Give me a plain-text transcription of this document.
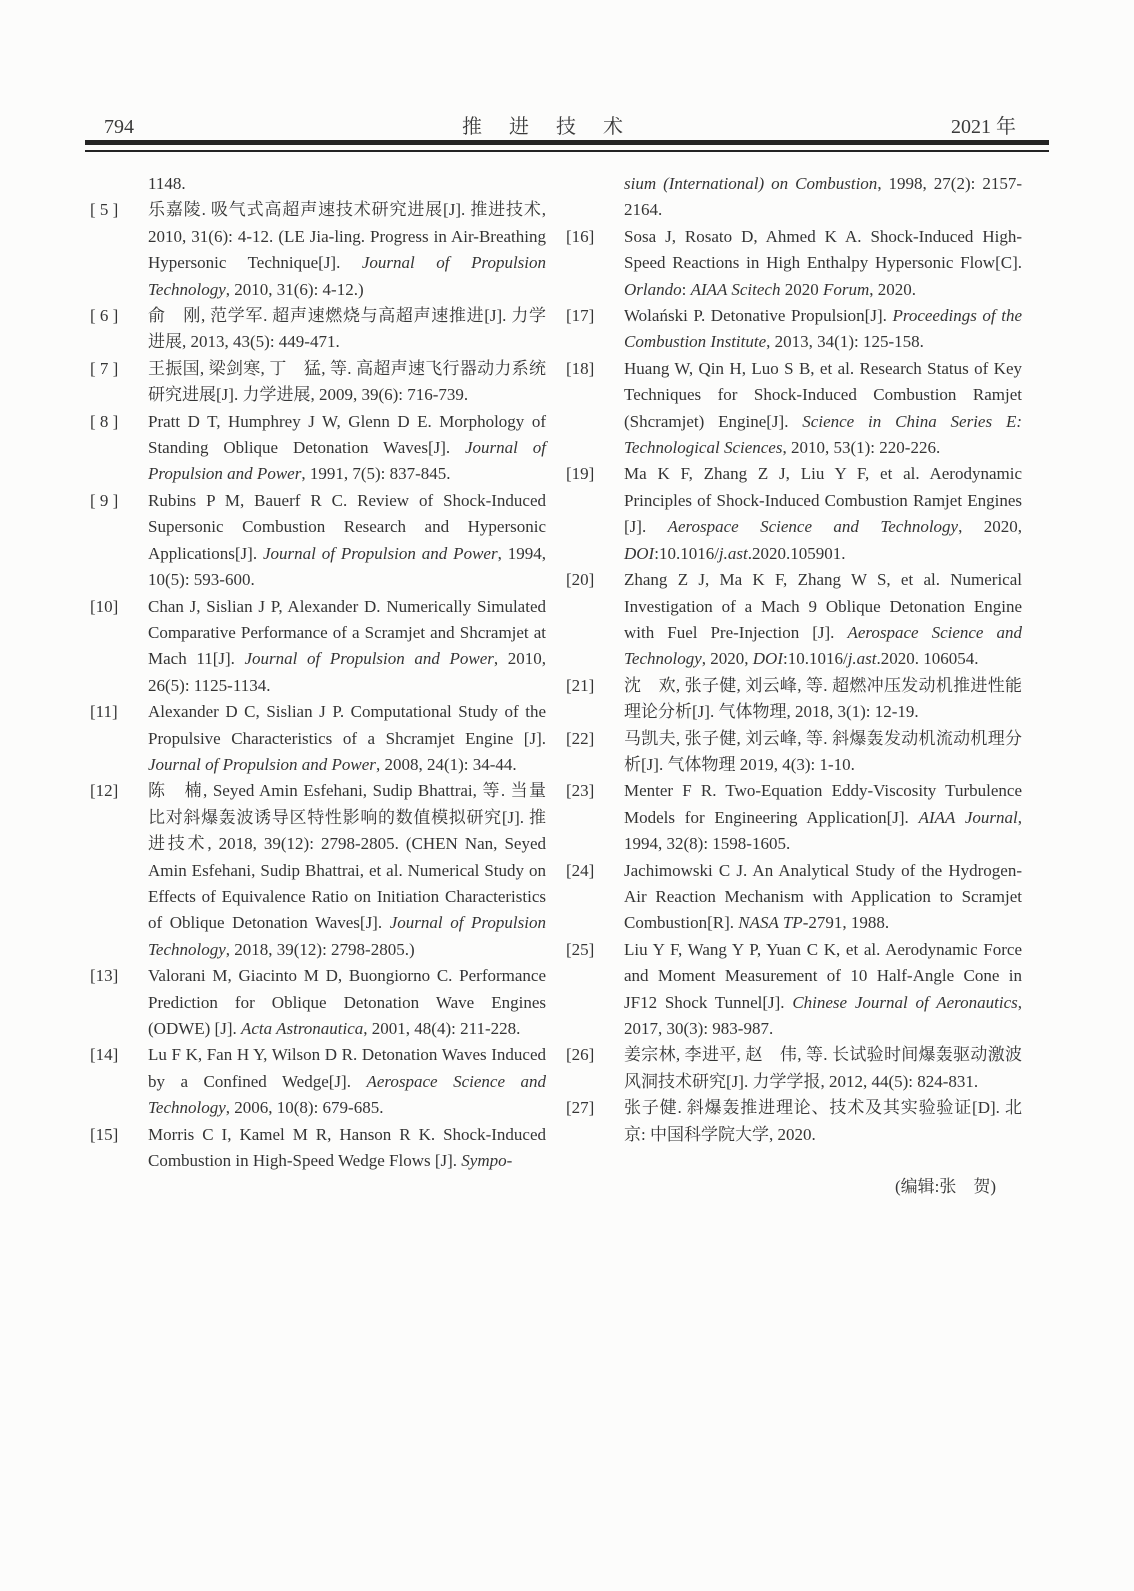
794	推 进 技 术	2021 年
1148.
[ 5 ] 乐嘉陵. 吸气式高超声速技术研究进展[J]. 推进技术, 2010, 31(6): 4-12. (LE Jia-ling. Progress in Air-Breathing Hypersonic Technique[J]. Journal of Propulsion Technology, 2010, 31(6): 4-12.)
[ 6 ] 俞　刚, 范学军. 超声速燃烧与高超声速推进[J]. 力学进展, 2013, 43(5): 449-471.
[ 7 ] 王振国, 梁剑寒, 丁　猛, 等. 高超声速飞行器动力系统研究进展[J]. 力学进展, 2009, 39(6): 716-739.
[ 8 ] Pratt D T, Humphrey J W, Glenn D E. Morphology of Standing Oblique Detonation Waves[J]. Journal of Propulsion and Power, 1991, 7(5): 837-845.
[ 9 ] Rubins P M, Bauerf R C. Review of Shock-Induced Supersonic Combustion Research and Hypersonic Applications[J]. Journal of Propulsion and Power, 1994, 10(5): 593-600.
[10] Chan J, Sislian J P, Alexander D. Numerically Simulated Comparative Performance of a Scramjet and Shcramjet at Mach 11[J]. Journal of Propulsion and Power, 2010, 26(5): 1125-1134.
[11] Alexander D C, Sislian J P. Computational Study of the Propulsive Characteristics of a Shcramjet Engine [J]. Journal of Propulsion and Power, 2008, 24(1): 34-44.
[12] 陈　楠, Seyed Amin Esfehani, Sudip Bhattrai, 等. 当量比对斜爆轰波诱导区特性影响的数值模拟研究[J]. 推进技术, 2018, 39(12): 2798-2805. (CHEN Nan, Seyed Amin Esfehani, Sudip Bhattrai, et al. Numerical Study on Effects of Equivalence Ratio on Initiation Characteristics of Oblique Detonation Waves[J]. Journal of Propulsion Technology, 2018, 39(12): 2798-2805.)
[13] Valorani M, Giacinto M D, Buongiorno C. Performance Prediction for Oblique Detonation Wave Engines (ODWE) [J]. Acta Astronautica, 2001, 48(4): 211-228.
[14] Lu F K, Fan H Y, Wilson D R. Detonation Waves Induced by a Confined Wedge[J]. Aerospace Science and Technology, 2006, 10(8): 679-685.
[15] Morris C I, Kamel M R, Hanson R K. Shock-Induced Combustion in High-Speed Wedge Flows [J]. Sympo-
sium (International) on Combustion, 1998, 27(2): 2157-2164.
[16] Sosa J, Rosato D, Ahmed K A. Shock-Induced High-Speed Reactions in High Enthalpy Hypersonic Flow[C]. Orlando: AIAA Scitech 2020 Forum, 2020.
[17] Wolański P. Detonative Propulsion[J]. Proceedings of the Combustion Institute, 2013, 34(1): 125-158.
[18] Huang W, Qin H, Luo S B, et al. Research Status of Key Techniques for Shock-Induced Combustion Ramjet (Shcramjet) Engine[J]. Science in China Series E: Technological Sciences, 2010, 53(1): 220-226.
[19] Ma K F, Zhang Z J, Liu Y F, et al. Aerodynamic Principles of Shock-Induced Combustion Ramjet Engines [J]. Aerospace Science and Technology, 2020, DOI:10.1016/j.ast.2020.105901.
[20] Zhang Z J, Ma K F, Zhang W S, et al. Numerical Investigation of a Mach 9 Oblique Detonation Engine with Fuel Pre-Injection [J]. Aerospace Science and Technology, 2020, DOI:10.1016/j.ast.2020. 106054.
[21] 沈　欢, 张子健, 刘云峰, 等. 超燃冲压发动机推进性能理论分析[J]. 气体物理, 2018, 3(1): 12-19.
[22] 马凯夫, 张子健, 刘云峰, 等. 斜爆轰发动机流动机理分析[J]. 气体物理 2019, 4(3): 1-10.
[23] Menter F R. Two-Equation Eddy-Viscosity Turbulence Models for Engineering Application[J]. AIAA Journal, 1994, 32(8): 1598-1605.
[24] Jachimowski C J. An Analytical Study of the Hydrogen-Air Reaction Mechanism with Application to Scramjet Combustion[R]. NASA TP-2791, 1988.
[25] Liu Y F, Wang Y P, Yuan C K, et al. Aerodynamic Force and Moment Measurement of 10 Half-Angle Cone in JF12 Shock Tunnel[J]. Chinese Journal of Aeronautics, 2017, 30(3): 983-987.
[26] 姜宗林, 李进平, 赵　伟, 等. 长试验时间爆轰驱动激波风洞技术研究[J]. 力学学报, 2012, 44(5): 824-831.
[27] 张子健. 斜爆轰推进理论、技术及其实验验证[D]. 北京: 中国科学院大学, 2020.
(编辑:张　贺)
